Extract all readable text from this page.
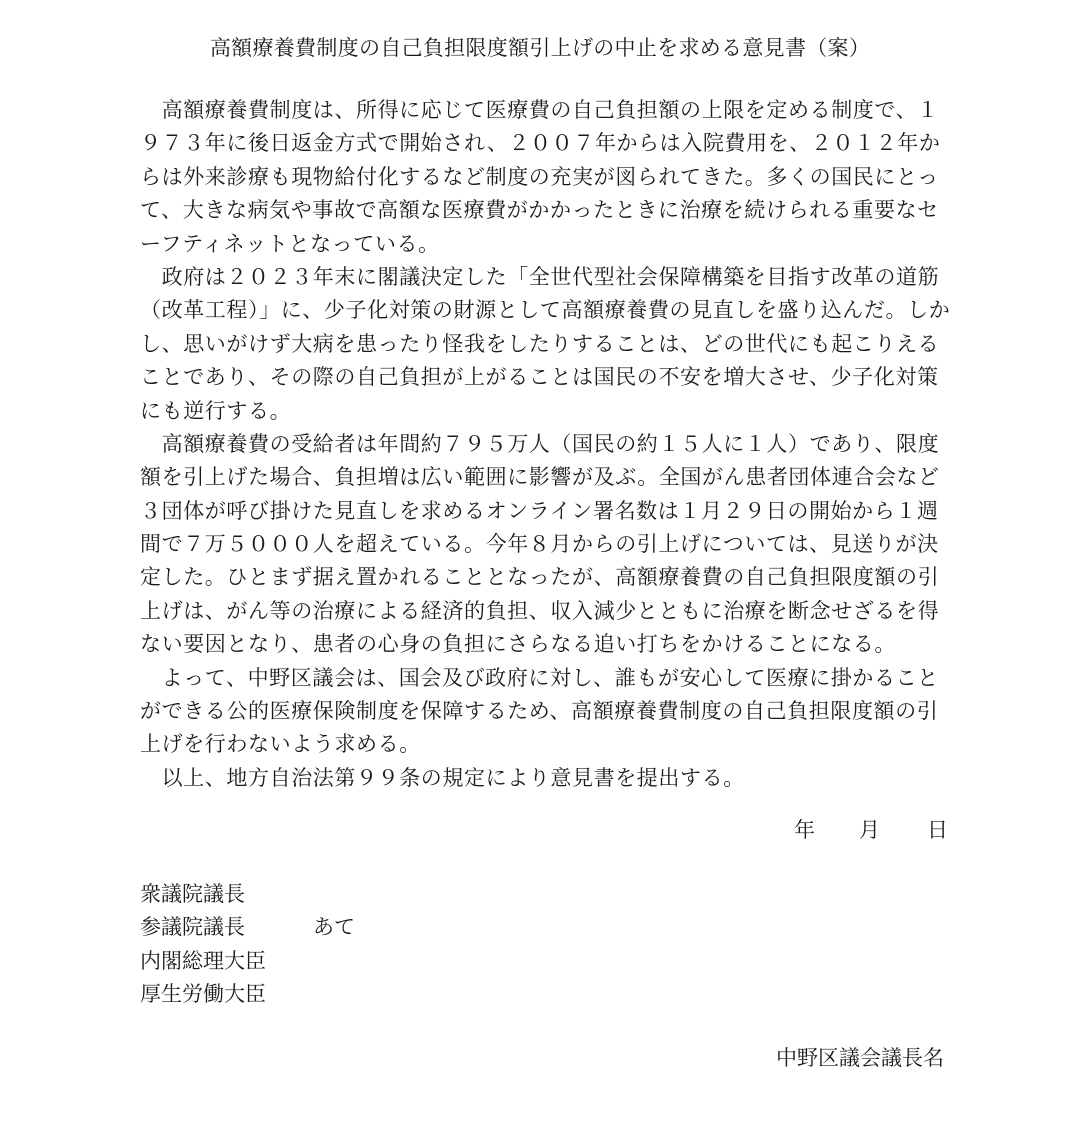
高額療養費制度の自己負担限度額引上げの中止を求める意見書（案）
　高額療養費制度は、所得に応じて医療費の自己負担額の上限を定める制度で、１
９７３年に後日返金方式で開始され、２００７年からは入院費用を、２０１２年か
らは外来診療も現物給付化するなど制度の充実が図られてきた。多くの国民にとっ
て、大きな病気や事故で高額な医療費がかかったときに治療を続けられる重要なセ
ーフティネットとなっている。
　政府は２０２３年末に閣議決定した「全世代型社会保障構築を目指す改革の道筋
（改革工程）」に、少子化対策の財源として高額療養費の見直しを盛り込んだ。しか
し、思いがけず大病を患ったり怪我をしたりすることは、どの世代にも起こりえる
ことであり、その際の自己負担が上がることは国民の不安を増大させ、少子化対策
にも逆行する。
　高額療養費の受給者は年間約７９５万人（国民の約１５人に１人）であり、限度
額を引上げた場合、負担増は広い範囲に影響が及ぶ。全国がん患者団体連合会など
３団体が呼び掛けた見直しを求めるオンライン署名数は１月２９日の開始から１週
間で７万５０００人を超えている。今年８月からの引上げについては、見送りが決
定した。ひとまず据え置かれることとなったが、高額療養費の自己負担限度額の引
上げは、がん等の治療による経済的負担、収入減少とともに治療を断念せざるを得
ない要因となり、患者の心身の負担にさらなる追い打ちをかけることになる。
　よって、中野区議会は、国会及び政府に対し、誰もが安心して医療に掛かること
ができる公的医療保険制度を保障するため、高額療養費制度の自己負担限度額の引
上げを行わないよう求める。
　以上、地方自治法第９９条の規定により意見書を提出する。
年 月 日
衆議院議長
参議院議長	あて
内閣総理大臣
厚生労働大臣
中野区議会議長名
